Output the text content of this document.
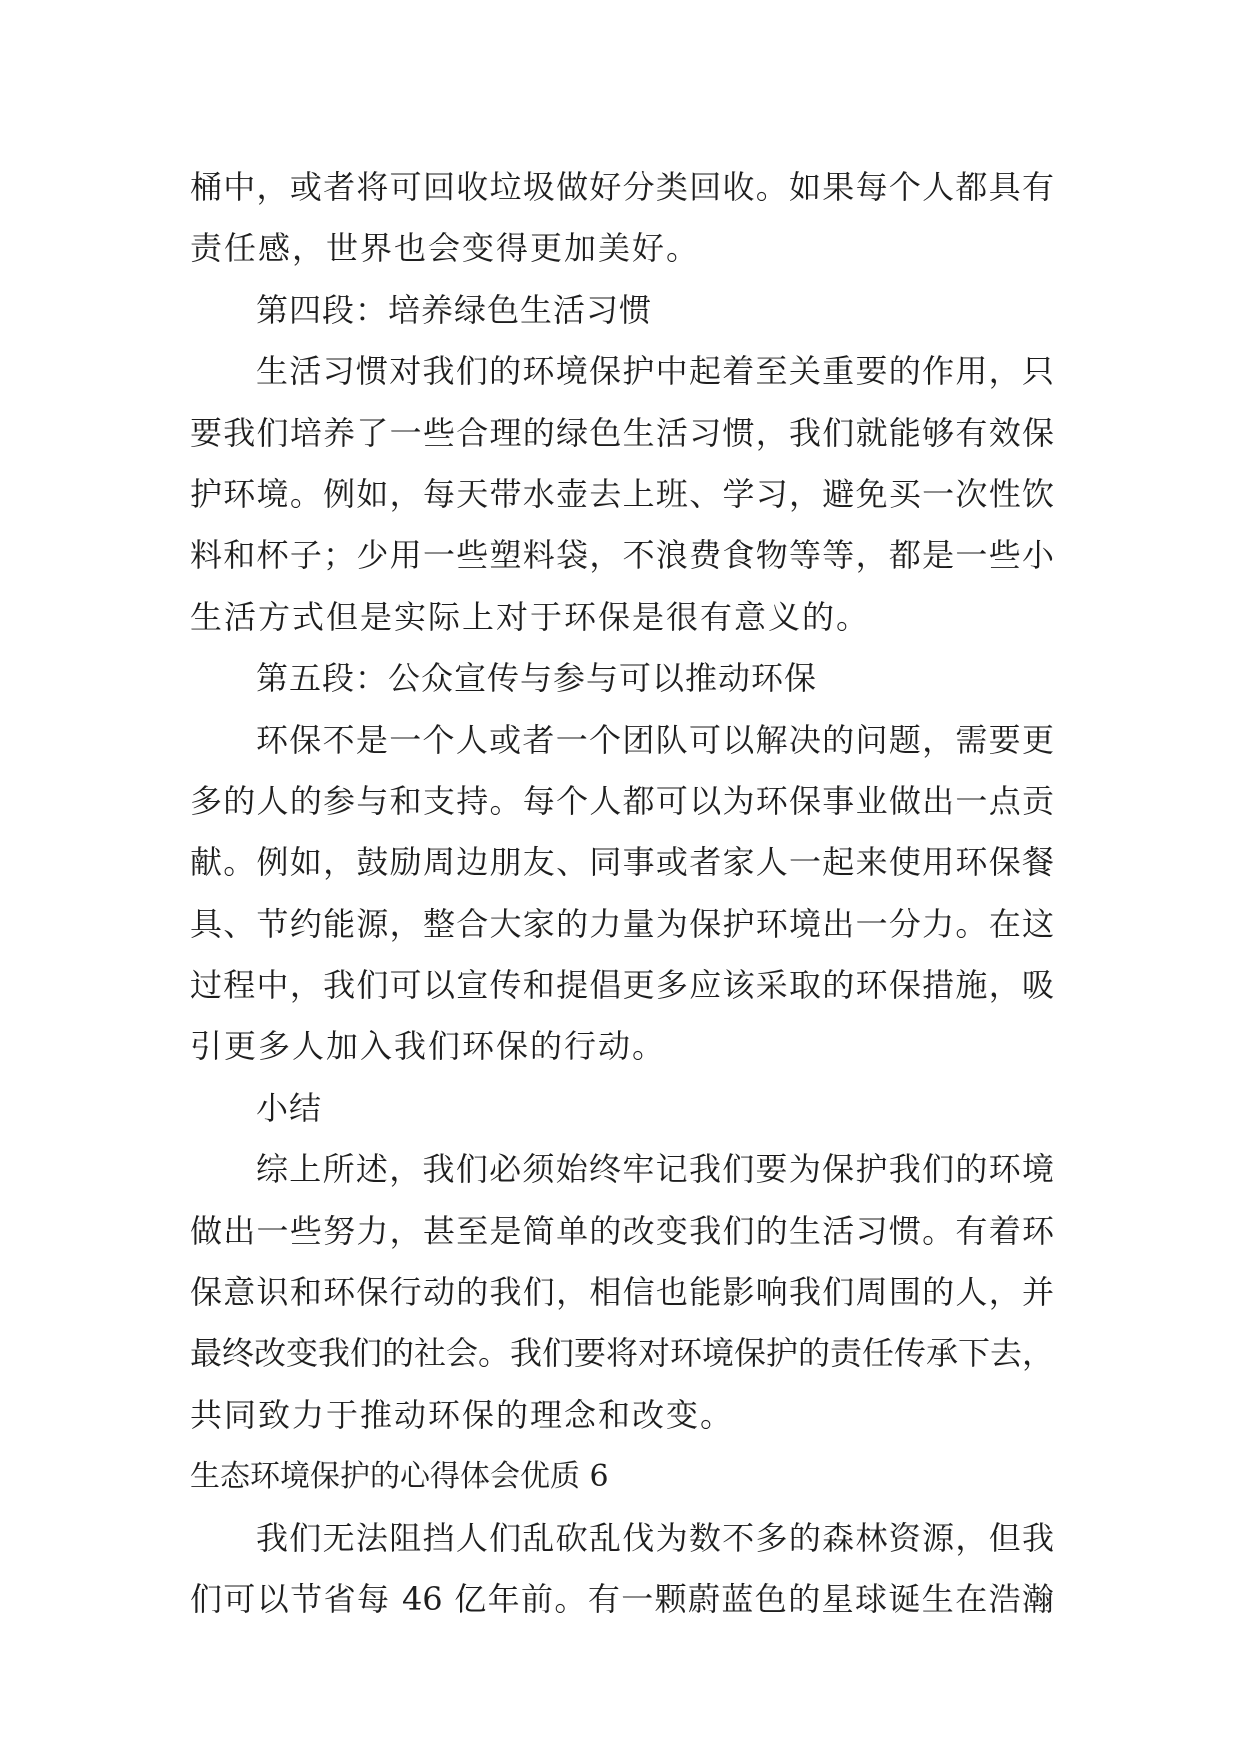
桶中，或者将可回收垃圾做好分类回收。如果每个人都具有
责任感，世界也会变得更加美好。
第四段：培养绿色生活习惯
生活习惯对我们的环境保护中起着至关重要的作用，只
要我们培养了一些合理的绿色生活习惯，我们就能够有效保
护环境。例如，每天带水壶去上班、学习，避免买一次性饮
料和杯子；少用一些塑料袋，不浪费食物等等，都是一些小
生活方式但是实际上对于环保是很有意义的。
第五段：公众宣传与参与可以推动环保
环保不是一个人或者一个团队可以解决的问题，需要更
多的人的参与和支持。每个人都可以为环保事业做出一点贡
献。例如，鼓励周边朋友、同事或者家人一起来使用环保餐
具、节约能源，整合大家的力量为保护环境出一分力。在这
过程中，我们可以宣传和提倡更多应该采取的环保措施，吸
引更多人加入我们环保的行动。
小结
综上所述，我们必须始终牢记我们要为保护我们的环境
做出一些努力，甚至是简单的改变我们的生活习惯。有着环
保意识和环保行动的我们，相信也能影响我们周围的人，并
最终改变我们的社会。我们要将对环境保护的责任传承下去，
共同致力于推动环保的理念和改变。
生态环境保护的心得体会优质 6
我们无法阻挡人们乱砍乱伐为数不多的森林资源，但我
们可以节省每 46 亿年前。有一颗蔚蓝色的星球诞生在浩瀚
